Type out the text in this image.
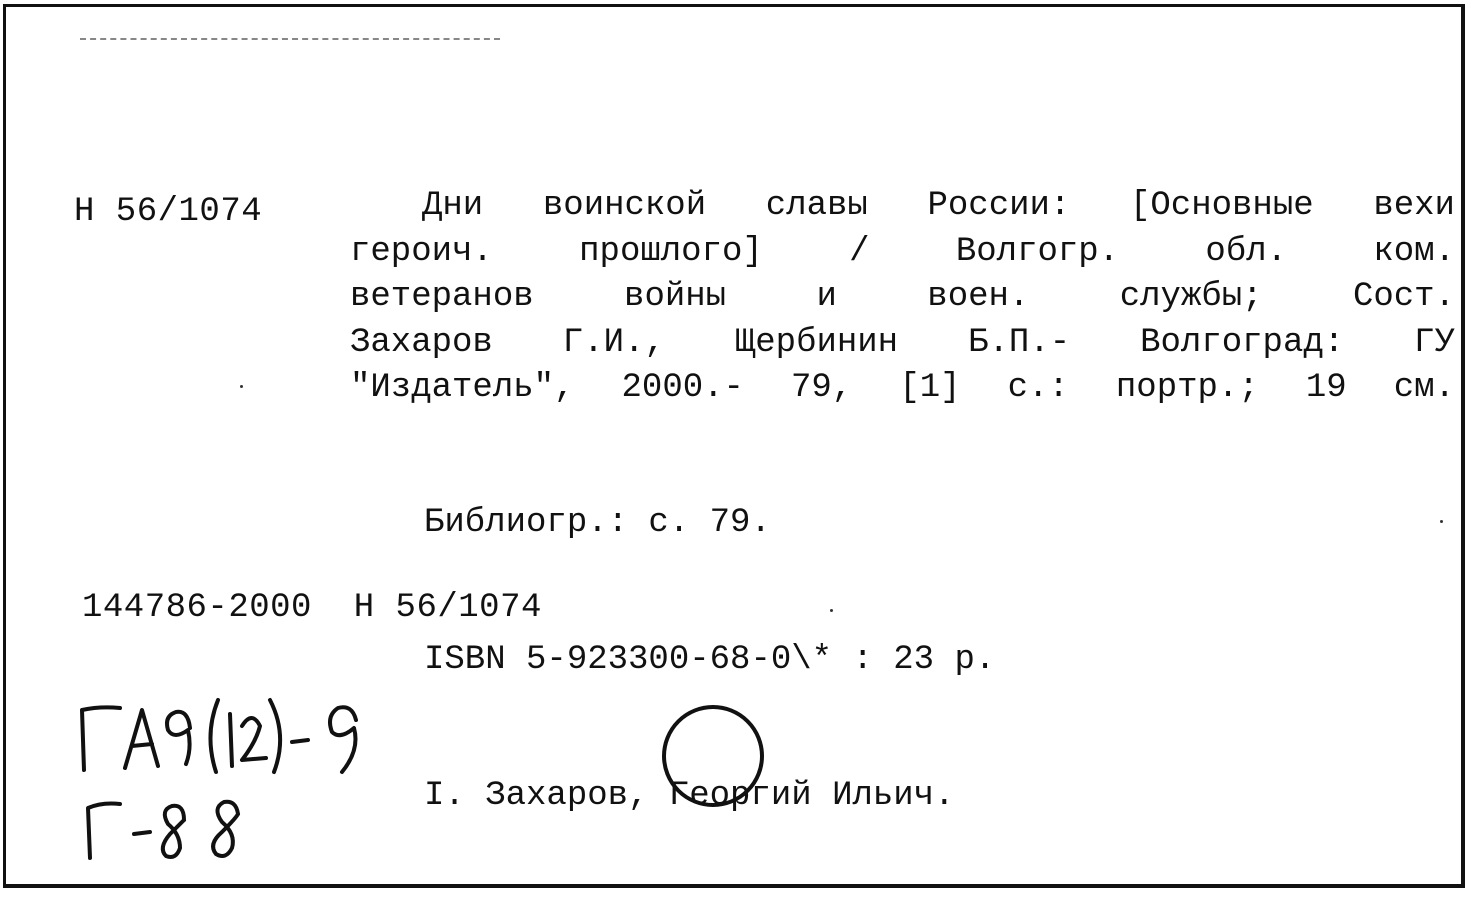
Н 56/1074	Дни воинской славы России: [Основные вехи
героич.	прошлого]	/	Волгогр.	обл.	ком.
ветеранов	войны	и	воен.	службы;	Сост.
Захаров Г.И., Щербинин Б.П.- Волгоград: ГУ
"Издатель", 2000.- 79, [1] с.: портр.; 19 см.

Библиогр.: с. 79.

ISBN 5-923300-68-0\* : 23 р.

I. Захаров, Георгий Ильич.

144786-2000  Н 56/1074
